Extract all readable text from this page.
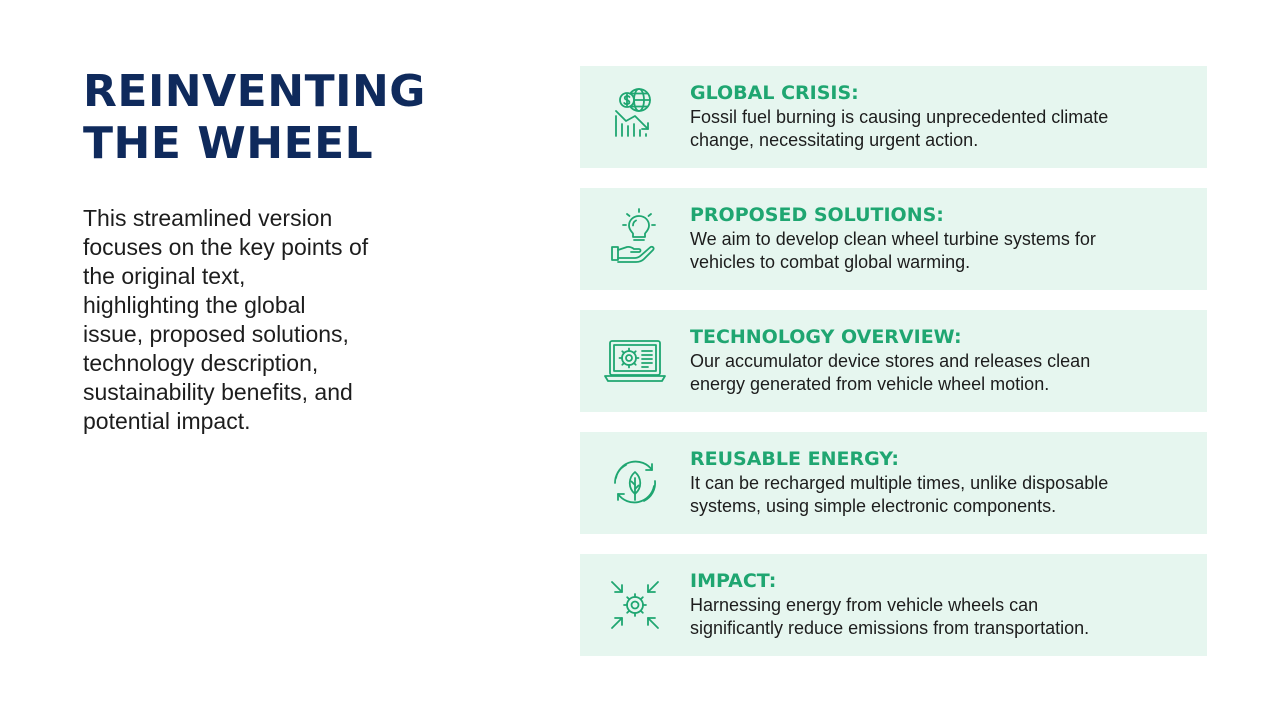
REINVENTING
THE WHEEL

This streamlined version
focuses on the key points of
the original text,
highlighting the global
issue, proposed solutions,
technology description,
sustainability benefits, and
potential impact.

GLOBAL CRISIS:
Fossil fuel burning is causing unprecedented climate
change, necessitating urgent action.
PROPOSED SOLUTIONS:
We aim to develop clean wheel turbine systems for
vehicles to combat global warming.
TECHNOLOGY OVERVIEW:
Our accumulator device stores and releases clean
energy generated from vehicle wheel motion.
REUSABLE ENERGY:
It can be recharged multiple times, unlike disposable
systems, using simple electronic components.
IMPACT:
Harnessing energy from vehicle wheels can
significantly reduce emissions from transportation.
